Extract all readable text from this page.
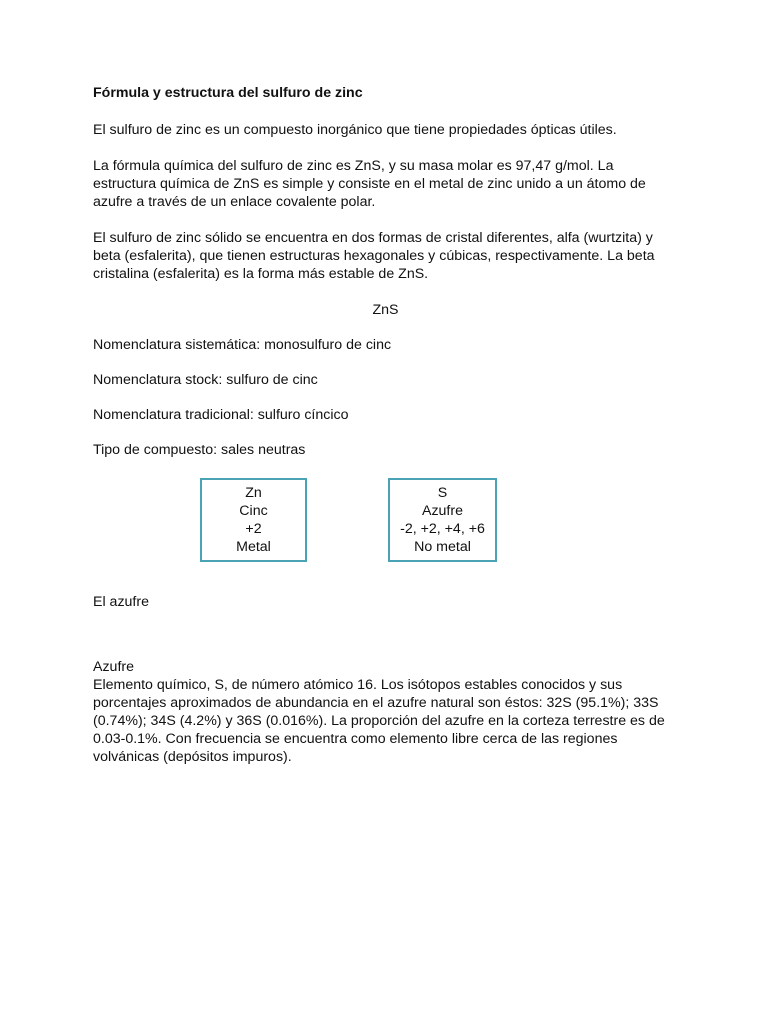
Fórmula y estructura del sulfuro de zinc

El sulfuro de zinc es un compuesto inorgánico que tiene propiedades ópticas útiles.

La fórmula química del sulfuro de zinc es ZnS, y su masa molar es 97,47 g/mol. La estructura química de ZnS es simple y consiste en el metal de zinc unido a un átomo de azufre a través de un enlace covalente polar.

El sulfuro de zinc sólido se encuentra en dos formas de cristal diferentes, alfa (wurtzita) y beta (esfalerita), que tienen estructuras hexagonales y cúbicas, respectivamente. La beta cristalina (esfalerita) es la forma más estable de ZnS.

ZnS

Nomenclatura sistemática: monosulfuro de cinc

Nomenclatura stock: sulfuro de cinc

Nomenclatura tradicional: sulfuro cíncico

Tipo de compuesto: sales neutras

Zn
Cinc
+2
Metal
S
Azufre
-2, +2, +4, +6
No metal

El azufre

Azufre

Elemento químico, S, de número atómico 16. Los isótopos estables conocidos y sus porcentajes aproximados de abundancia en el azufre natural son éstos: 32S (95.1%); 33S (0.74%); 34S (4.2%) y 36S (0.016%). La proporción del azufre en la corteza terrestre es de 0.03-0.1%. Con frecuencia se encuentra como elemento libre cerca de las regiones volvánicas (depósitos impuros).
